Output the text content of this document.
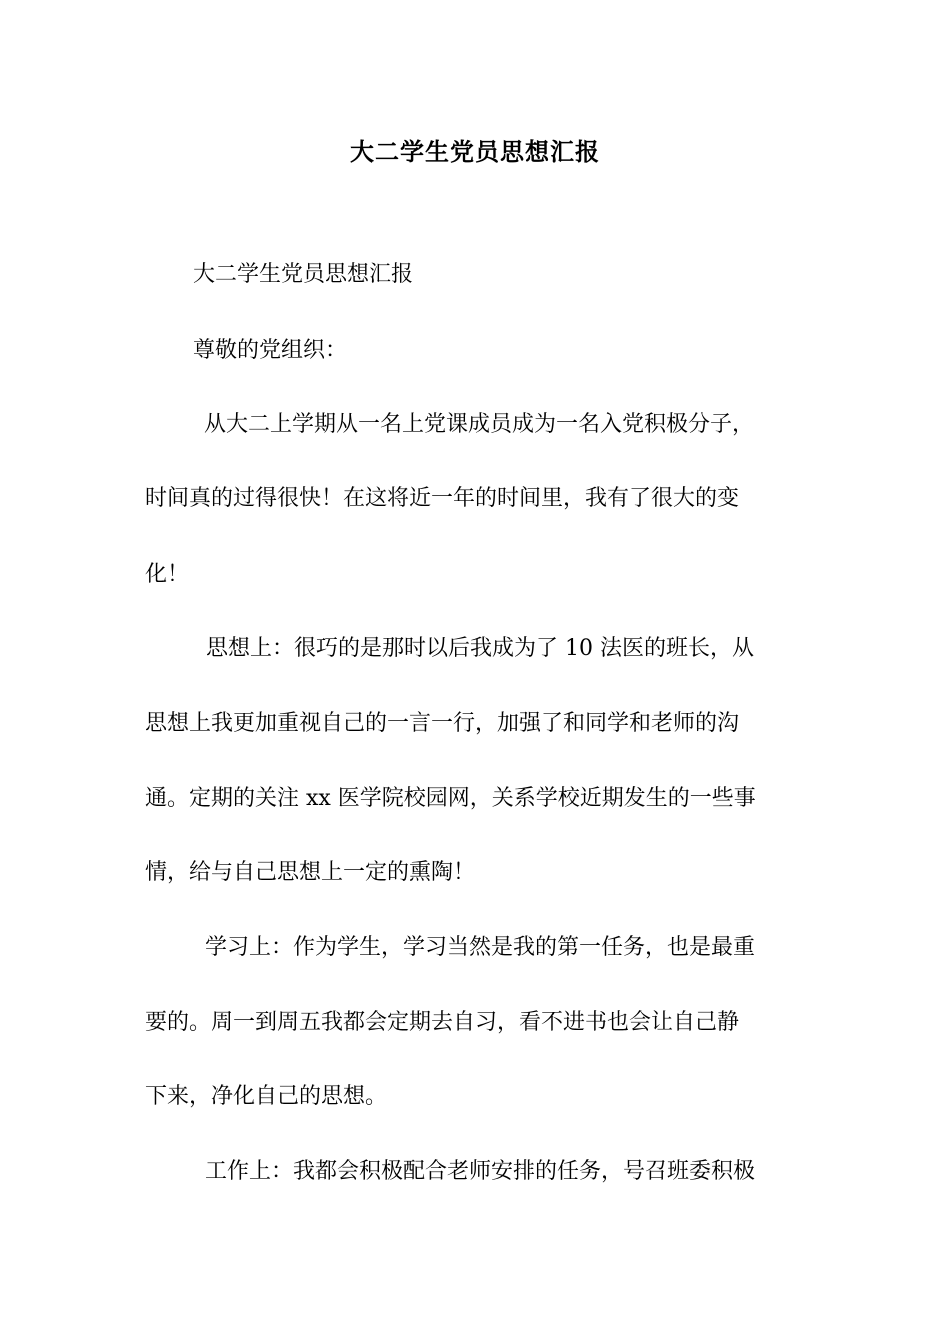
大二学生党员思想汇报
大二学生党员思想汇报
尊敬的党组织：
从大二上学期从一名上党课成员成为一名入党积极分子，
时间真的过得很快！在这将近一年的时间里，我有了很大的变
化！
思想上：很巧的是那时以后我成为了 10 法医的班长，从
思想上我更加重视自己的一言一行，加强了和同学和老师的沟
通。定期的关注 xx 医学院校园网，关系学校近期发生的一些事
情，给与自己思想上一定的熏陶！
学习上：作为学生，学习当然是我的第一任务，也是最重
要的。周一到周五我都会定期去自习，看不进书也会让自己静
下来，净化自己的思想。
工作上：我都会积极配合老师安排的任务，号召班委积极
